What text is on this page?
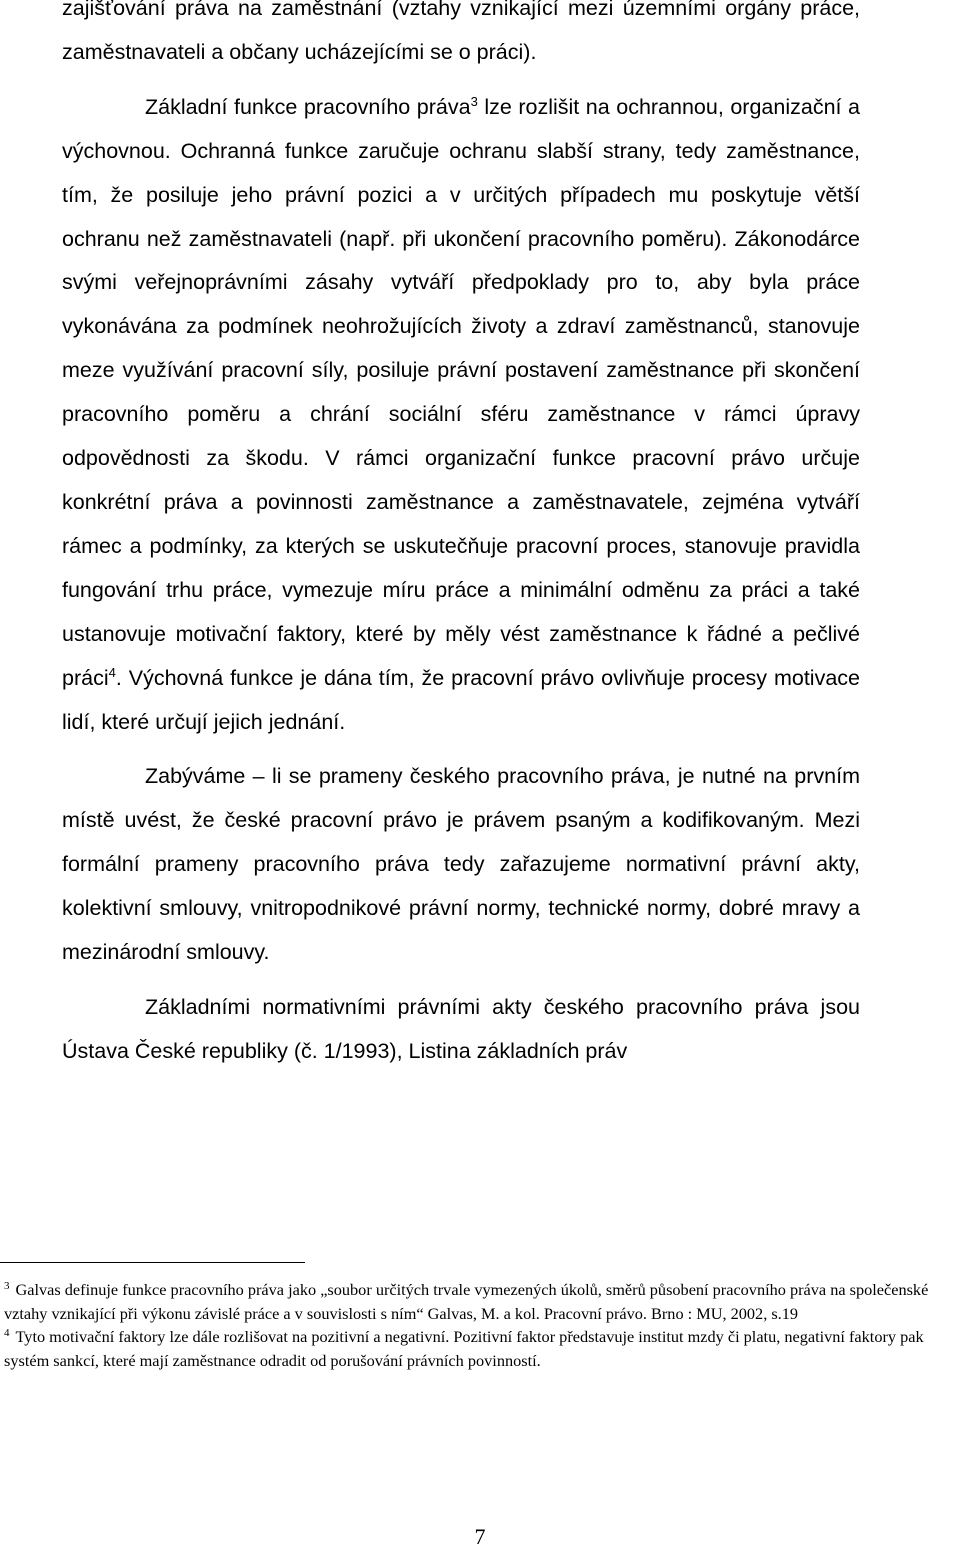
zajišťování práva na zaměstnání (vztahy vznikající mezi územními orgány práce, zaměstnavateli a občany ucházejícími se o práci).

Základní funkce pracovního práva$^3$ lze rozlišit na ochrannou, organizační a výchovnou. Ochranná funkce zaručuje ochranu slabší strany, tedy zaměstnance, tím, že posiluje jeho právní pozici a v určitých případech mu poskytuje větší ochranu než zaměstnavateli (např. při ukončení pracovního poměru). Zákonodárce svými veřejnoprávními zásahy vytváří předpoklady pro to, aby byla práce vykonávána za podmínek neohrožujících životy a zdraví zaměstnanců, stanovuje meze využívání pracovní síly, posiluje právní postavení zaměstnance při skončení pracovního poměru a chrání sociální sféru zaměstnance v rámci úpravy odpovědnosti za škodu. V rámci organizační funkce pracovní právo určuje konkrétní práva a povinnosti zaměstnance a zaměstnavatele, zejména vytváří rámec a podmínky, za kterých se uskutečňuje pracovní proces, stanovuje pravidla fungování trhu práce, vymezuje míru práce a minimální odměnu za práci a také ustanovuje motivační faktory, které by měly vést zaměstnance k řádné a pečlivé práci$^4$. Výchovná funkce je dána tím, že pracovní právo ovlivňuje procesy motivace lidí, které určují jejich jednání.

Zabýváme – li se prameny českého pracovního práva, je nutné na prvním místě uvést, že české pracovní právo je právem psaným a kodifikovaným. Mezi formální prameny pracovního práva tedy zařazujeme normativní právní akty, kolektivní smlouvy, vnitropodnikové právní normy, technické normy, dobré mravy a mezinárodní smlouvy.

Základními normativními právními akty českého pracovního práva jsou Ústava České republiky (č. 1/1993), Listina základních práv

$^3$ Galvas definuje funkce pracovního práva jako „soubor určitých trvale vymezených úkolů, směrů působení pracovního práva na společenské vztahy vznikající při výkonu závislé práce a v souvislosti s ním“ Galvas, M. a kol. Pracovní právo. Brno : MU, 2002, s.19

$^4$ Tyto motivační faktory lze dále rozlišovat na pozitivní a negativní. Pozitivní faktor představuje institut mzdy či platu, negativní faktory pak systém sankcí, které mají zaměstnance odradit od porušování právních povinností.

7
